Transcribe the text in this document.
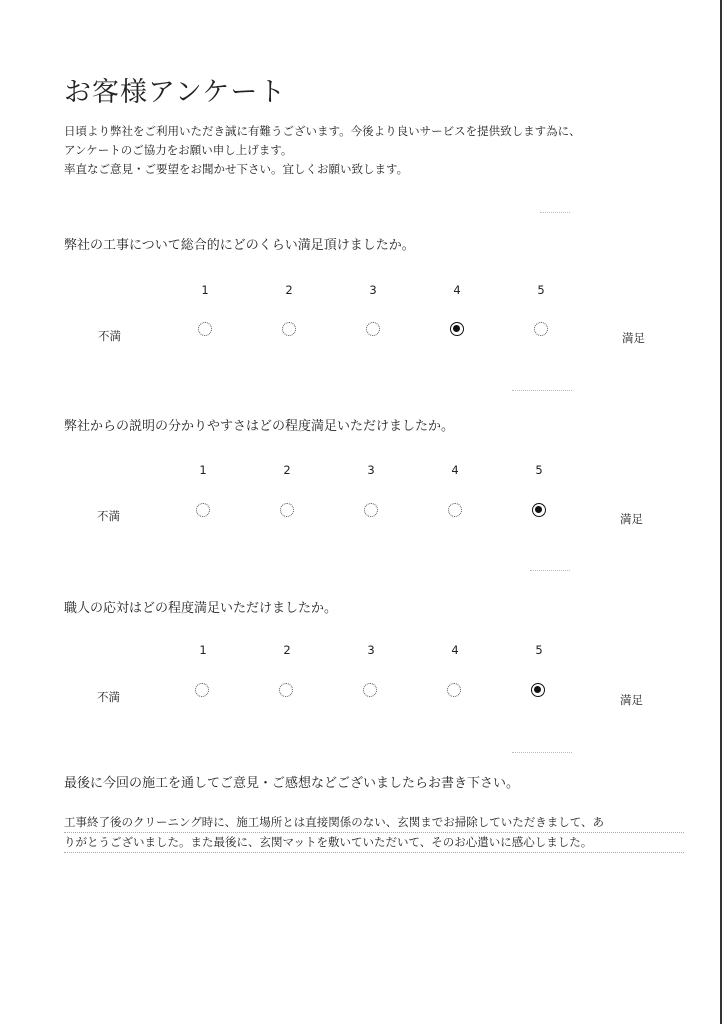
お客様アンケート
日頃より弊社をご利用いただき誠に有難うございます。今後より良いサービスを提供致します為に、
アンケートのご協力をお願い申し上げます。
率直なご意見・ご要望をお聞かせ下さい。宜しくお願い致します。
弊社の工事について総合的にどのくらい満足頂けましたか。
1	2	3	4	5
不満	満足
弊社からの説明の分かりやすさはどの程度満足いただけましたか。
1	2	3	4	5
不満	満足
職人の応対はどの程度満足いただけましたか。
1	2	3	4	5
不満	満足
最後に今回の施工を通してご意見・ご感想などございましたらお書き下さい。
工事終了後のクリーニング時に、施工場所とは直接関係のない、玄関までお掃除していただきまして、あ
りがとうございました。また最後に、玄関マットを敷いていただいて、そのお心遣いに感心しました。
